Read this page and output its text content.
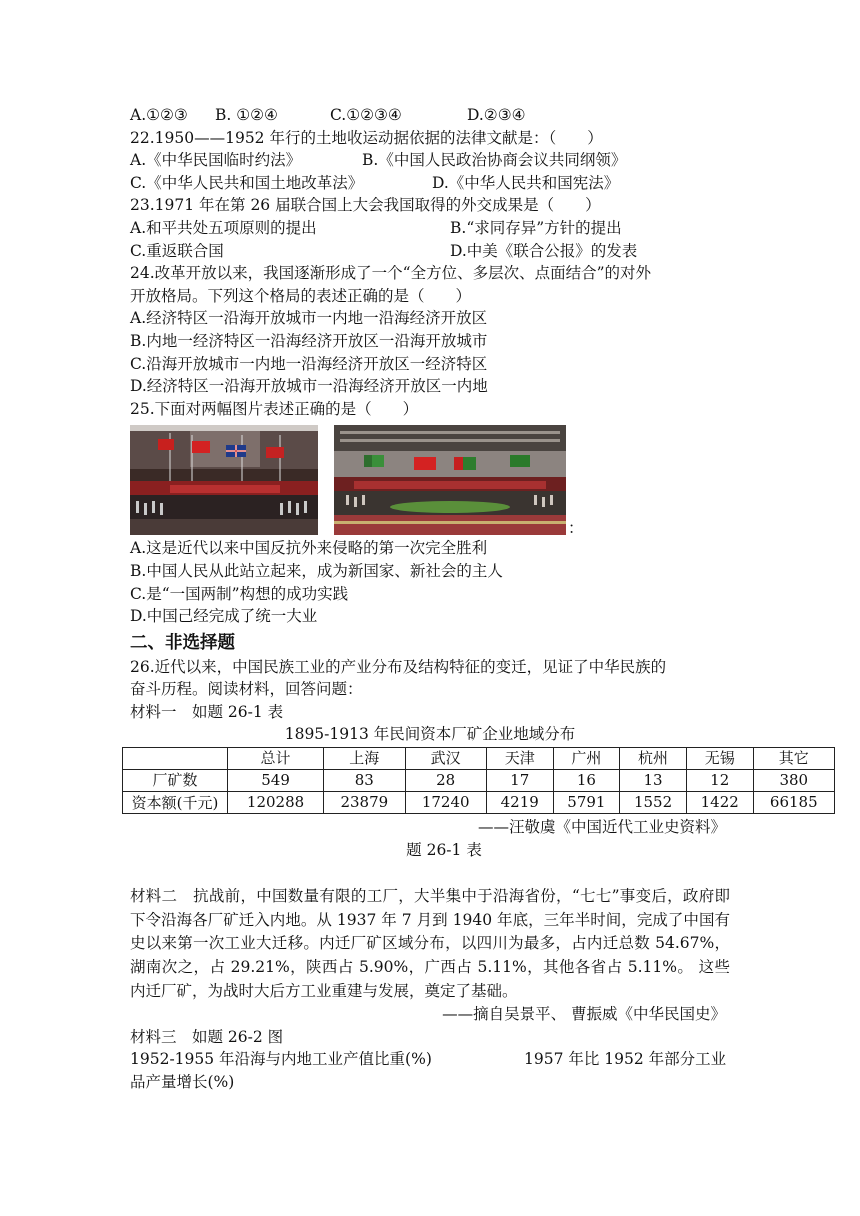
A.①②③	B. ①②④	C.①②③④	D.②③④
22.1950——1952 年行的土地收运动据依据的法律文献是：（　　）
A.《中华民国临时约法》	B.《中国人民政治协商会议共同纲领》
C.《中华人民共和国土地改革法》	D.《中华人民共和国宪法》
23.1971 年在第 26 届联合国上大会我国取得的外交成果是（　　）
A.和平共处五项原则的提出	B.“求同存异”方针的提出
C.重返联合国	D.中美《联合公报》的发表
24.改革开放以来，我国逐渐形成了一个“全方位、多层次、点面结合”的对外
开放格局。下列这个格局的表述正确的是（　　）
A.经济特区一沿海开放城市一内地一沿海经济开放区
B.内地一经济特区一沿海经济开放区一沿海开放城市
C.沿海开放城市一内地一沿海经济开放区一经济特区
D.经济特区一沿海开放城市一沿海经济开放区一内地
25.下面对两幅图片表述正确的是（　　）
：
A.这是近代以来中国反抗外来侵略的第一次完全胜利
B.中国人民从此站立起来，成为新国家、新社会的主人
C.是“一国两制”构想的成功实践
D.中国己经完成了统一大业
二、非选择题
26.近代以来，中国民族工业的产业分布及结构特征的变迁，见证了中华民族的
奋斗历程。阅读材料，回答问题：
材料一　如题 26-1 表
1895-1913 年民间资本厂矿企业地域分布
	总计	上海	武汉	天津	广州	杭州	无锡	其它
厂矿数	549	83	28	17	16	13	12	380
资本额(千元)	120288	23879	17240	4219	5791	1552	1422	66185
——汪敬虞《中国近代工业史资料》
题 26-1 表
材料二　抗战前，中国数量有限的工厂，大半集中于沿海省份，“七七”事变后，政府即下令沿海各厂矿迁入内地。从 1937 年 7 月到 1940 年底，三年半时间，完成了中国有史以来第一次工业大迁移。内迁厂矿区域分布，以四川为最多，占内迁总数 54.67%，湖南次之，占 29.21%，陕西占 5.90%，广西占 5.11%，其他各省占 5.11%。 这些内迁厂矿，为战时大后方工业重建与发展，奠定了基础。
——摘自吴景平、 曹振威《中华民国史》
材料三　如题 26-2 图
1952-1955 年沿海与内地工业产值比重(%)	1957 年比 1952 年部分工业
品产量增长(%)
